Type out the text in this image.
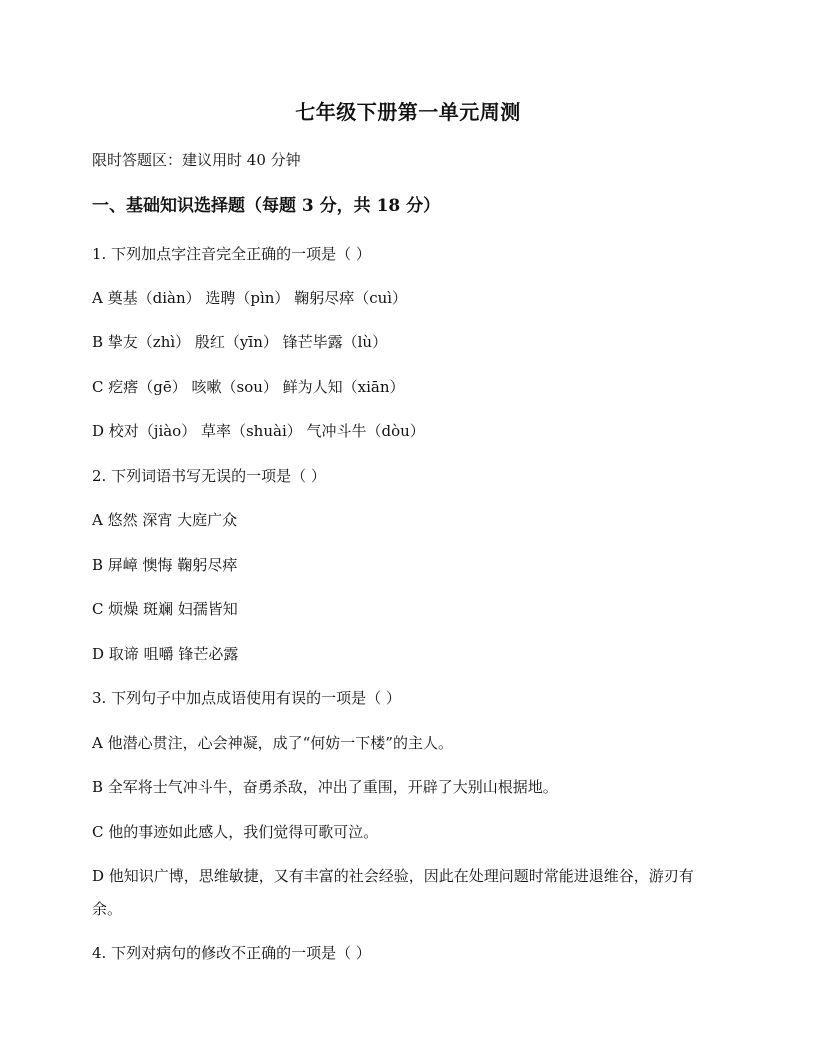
七年级下册第一单元周测
限时答题区：建议用时 40 分钟
一、基础知识选择题（每题 3 分，共 18 分）
1. 下列加点字注音完全正确的一项是（ ）
A 奠基（diàn） 选聘（pìn） 鞠躬尽瘁（cuì）
B 挚友（zhì） 殷红（yīn） 锋芒毕露（lù）
C 疙瘩（gē） 咳嗽（sou） 鲜为人知（xiān）
D 校对（jiào） 草率（shuài） 气冲斗牛（dòu）
2. 下列词语书写无误的一项是（ ）
A 悠然 深宵 大庭广众
B 屏嶂 懊悔 鞠躬尽瘁
C 烦燥 斑斓 妇孺皆知
D 取谛 咀嚼 锋芒必露
3. 下列句子中加点成语使用有误的一项是（ ）
A 他潜心贯注，心会神凝，成了“何妨一下楼”的主人。
B 全军将士气冲斗牛，奋勇杀敌，冲出了重围，开辟了大别山根据地。
C 他的事迹如此感人，我们觉得可歌可泣。
D 他知识广博，思维敏捷，又有丰富的社会经验，因此在处理问题时常能进退维谷，游刃有余。
4. 下列对病句的修改不正确的一项是（ ）
